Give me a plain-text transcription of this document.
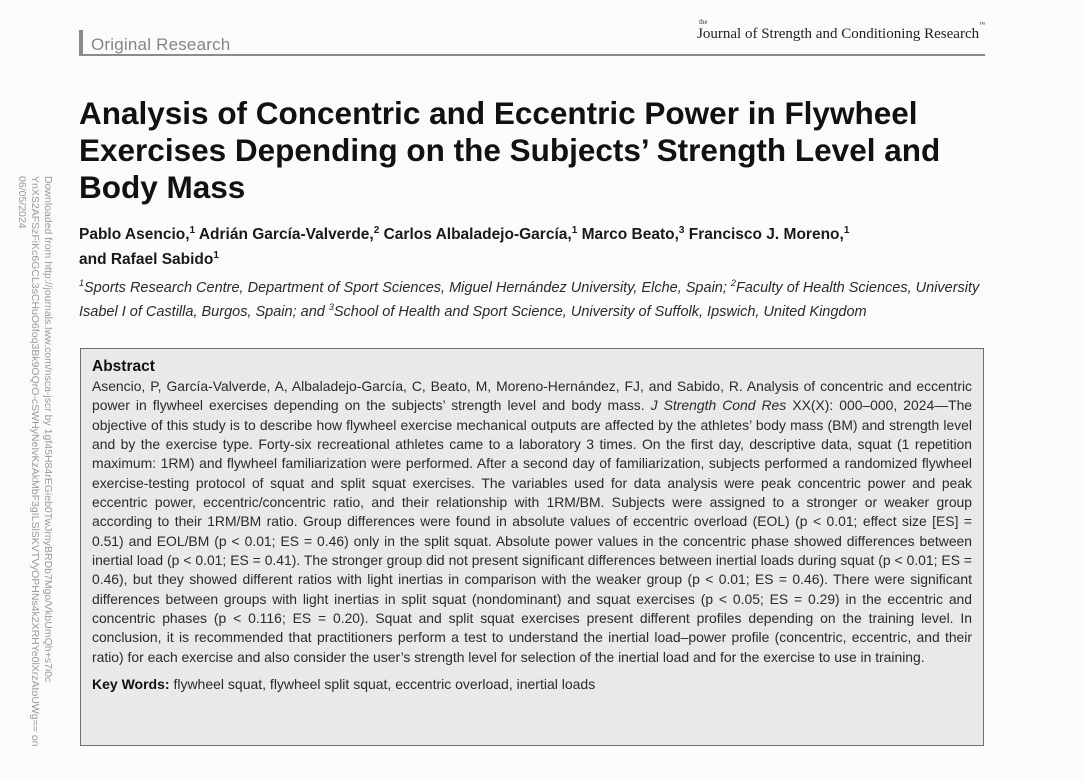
Downloaded from http://journals.lww.com/nsca-jscr by 1gf45H84rEGieb0TwJrnyBRDb7Mgo/VkbUmQh+s7i0c YnXS2AFSzFiKc6GCL3sCHuO6foq3Bk9OQrO-cSWHyNeIvKzAkMbF3gILSlSKVTVyOPHNs4k2XRHYe0lXrzAtoUWg== on 06/05/2024
Original Research
the
Journal of Strength and Conditioning Research™
Analysis of Concentric and Eccentric Power in Flywheel Exercises Depending on the Subjects’ Strength Level and Body Mass
Pablo Asencio,$^1$ Adrián García-Valverde,$^2$ Carlos Albaladejo-García,$^1$ Marco Beato,$^3$ Francisco J. Moreno,$^1$
and Rafael Sabido$^1$
$^1$Sports Research Centre, Department of Sport Sciences, Miguel Hernández University, Elche, Spain; $^2$Faculty of Health Sciences, University Isabel I of Castilla, Burgos, Spain; and $^3$School of Health and Sport Science, University of Suffolk, Ipswich, United Kingdom
Abstract

Asencio, P, García-Valverde, A, Albaladejo-García, C, Beato, M, Moreno-Hernández, FJ, and Sabido, R. Analysis of concentric and eccentric power in flywheel exercises depending on the subjects’ strength level and body mass. J Strength Cond Res XX(X): 000–000, 2024—The objective of this study is to describe how flywheel exercise mechanical outputs are affected by the athletes’ body mass (BM) and strength level and by the exercise type. Forty-six recreational athletes came to a laboratory 3 times. On the first day, descriptive data, squat (1 repetition maximum: 1RM) and flywheel familiarization were performed. After a second day of familiarization, subjects performed a randomized flywheel exercise-testing protocol of squat and split squat exercises. The variables used for data analysis were peak concentric power and peak eccentric power, eccentric/concentric ratio, and their relationship with 1RM/BM. Subjects were assigned to a stronger or weaker group according to their 1RM/BM ratio. Group differences were found in absolute values of eccentric overload (EOL) (p < 0.01; effect size [ES] = 0.51) and EOL/BM (p < 0.01; ES = 0.46) only in the split squat. Absolute power values in the concentric phase showed differences between inertial load (p < 0.01; ES = 0.41). The stronger group did not present significant differences between inertial loads during squat (p < 0.01; ES = 0.46), but they showed different ratios with light inertias in comparison with the weaker group (p < 0.01; ES = 0.46). There were significant differences between groups with light inertias in split squat (nondominant) and squat exercises (p < 0.05; ES = 0.29) in the eccentric and concentric phases (p < 0.116; ES = 0.20). Squat and split squat exercises present different profiles depending on the training level. In conclusion, it is recommended that practitioners perform a test to understand the inertial load–power profile (concentric, eccentric, and their ratio) for each exercise and also consider the user’s strength level for selection of the inertial load and for the exercise to use in training.

Key Words: flywheel squat, flywheel split squat, eccentric overload, inertial loads
